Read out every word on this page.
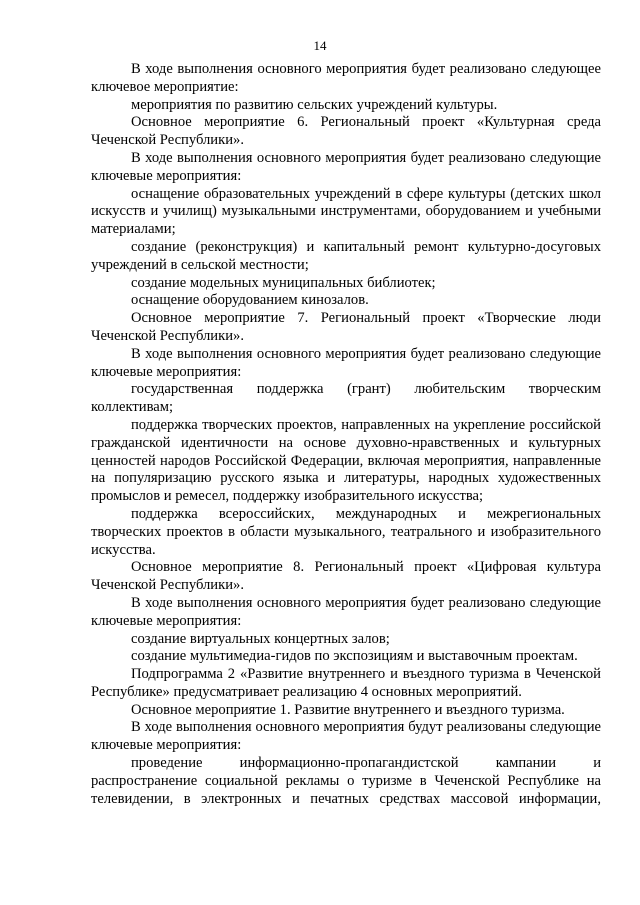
14

В ходе выполнения основного мероприятия будет реализовано следующее ключевое мероприятие:

мероприятия по развитию сельских учреждений культуры.

Основное мероприятие 6. Региональный проект «Культурная среда Чеченской Республики».

В ходе выполнения основного мероприятия будет реализовано следующие ключевые мероприятия:

оснащение образовательных учреждений в сфере культуры (детских школ искусств и училищ) музыкальными инструментами, оборудованием и учебными материалами;

создание (реконструкция) и капитальный ремонт культурно-досуговых учреждений в сельской местности;

создание модельных муниципальных библиотек;

оснащение оборудованием кинозалов.

Основное мероприятие 7. Региональный проект «Творческие люди Чеченской Республики».

В ходе выполнения основного мероприятия будет реализовано следующие ключевые мероприятия:

государственная поддержка (грант) любительским творческим коллективам;

поддержка творческих проектов, направленных на укрепление российской гражданской идентичности на основе духовно-нравственных и культурных ценностей народов Российской Федерации, включая мероприятия, направленные на популяризацию русского языка и литературы, народных художественных промыслов и ремесел, поддержку изобразительного искусства;

поддержка всероссийских, международных и межрегиональных творческих проектов в области музыкального, театрального и изобразительного искусства.

Основное мероприятие 8. Региональный проект «Цифровая культура Чеченской Республики».

В ходе выполнения основного мероприятия будет реализовано следующие ключевые мероприятия:

создание виртуальных концертных залов;

создание мультимедиа-гидов по экспозициям и выставочным проектам.

Подпрограмма 2 «Развитие внутреннего и въездного туризма в Чеченской Республике» предусматривает реализацию 4 основных мероприятий.

Основное мероприятие 1. Развитие внутреннего и въездного туризма.

В ходе выполнения основного мероприятия будут реализованы следующие ключевые мероприятия:

проведение информационно-пропагандистской кампании и распространение социальной рекламы о туризме в Чеченской Республике на телевидении, в электронных и печатных средствах массовой информации,
